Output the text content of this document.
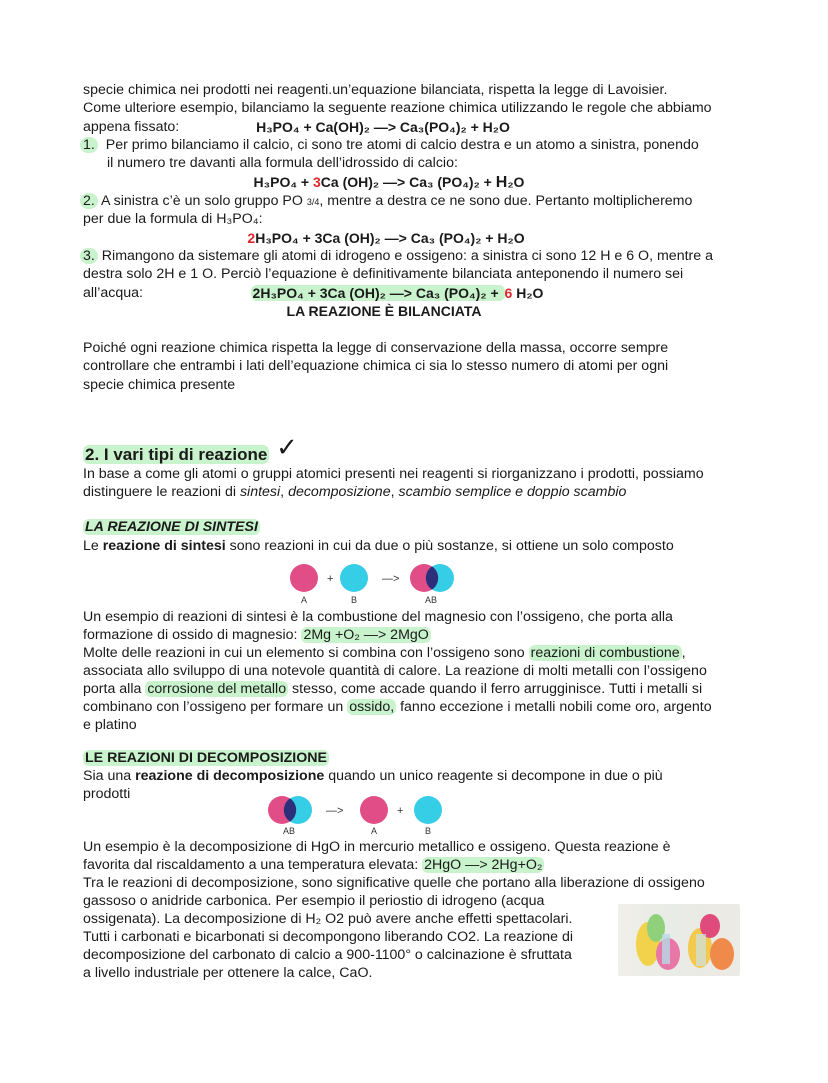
specie chimica nei prodotti nei reagenti.un’equazione bilanciata, rispetta la legge di Lavoisier.

Come ulteriore esempio, bilanciamo la seguente reazione chimica utilizzando le regole che abbiamo

appena fissato:	H₃PO₄ + Ca(OH)₂ —> Ca₃(PO₄)₂ + H₂O

1. Per primo bilanciamo il calcio, ci sono tre atomi di calcio destra e un atomo a sinistra, ponendo

il numero tre davanti alla formula dell’idrossido di calcio:

H₃PO₄ + 3Ca (OH)₂ —> Ca₃ (PO₄)₂ + H₂O

2. A sinistra c’è un solo gruppo PO 3/4, mentre a destra ce ne sono due. Pertanto moltiplicheremo

per due la formula di H₃PO₄:

2H₃PO₄ + 3Ca (OH)₂ —> Ca₃ (PO₄)₂ + H₂O

3. Rimangono da sistemare gli atomi di idrogeno e ossigeno: a sinistra ci sono 12 H e 6 O, mentre a

destra solo 2H e 1 O. Perciò l’equazione è definitivamente bilanciata anteponendo il numero sei

all’acqua:	2H₃PO₄ + 3Ca (OH)₂ —> Ca₃ (PO₄)₂ + 6 H₂O
LA REAZIONE È BILANCIATA

Poiché ogni reazione chimica rispetta la legge di conservazione della massa, occorre sempre

controllare che entrambi i lati dell’equazione chimica ci sia lo stesso numero di atomi per ogni

specie chimica presente

2. I vari tipi di reazione ✓

In base a come gli atomi o gruppi atomici presenti nei reagenti si riorganizzano i prodotti, possiamo

distinguere le reazioni di sintesi, decomposizione, scambio semplice e doppio scambio

LA REAZIONE DI SINTESI

Le reazione di sintesi sono reazioni in cui da due o più sostanze, si ottiene un solo composto

+	—>
A	B	AB

Un esempio di reazioni di sintesi è la combustione del magnesio con l’ossigeno, che porta alla

formazione di ossido di magnesio: 2Mg +O₂ —> 2MgO

Molte delle reazioni in cui un elemento si combina con l’ossigeno sono reazioni di combustione ,

associata allo sviluppo di una notevole quantità di calore. La reazione di molti metalli con l’ossigeno

porta alla corrosione del metallo stesso, come accade quando il ferro arrugginisce. Tutti i metalli si

combinano con l’ossigeno per formare un ossido, fanno eccezione i metalli nobili come oro, argento

e platino

LE REAZIONI DI DECOMPOSIZIONE

Sia una reazione di decomposizione quando un unico reagente si decompone in due o più

prodotti

—>	+
AB	A	B

Un esempio è la decomposizione di HgO in mercurio metallico e ossigeno. Questa reazione è

favorita dal riscaldamento a una temperatura elevata: 2HgO —> 2Hg+O₂

Tra le reazioni di decomposizione, sono significative quelle che portano alla liberazione di ossigeno

gassoso o anidride carbonica. Per esempio il periostio di idrogeno (acqua

ossigenata). La decomposizione di H₂ O2 può avere anche effetti spettacolari.

Tutti i carbonati e bicarbonati si decompongono liberando CO2. La reazione di

decomposizione del carbonato di calcio a 900-1100° o calcinazione è sfruttata

a livello industriale per ottenere la calce, CaO.
